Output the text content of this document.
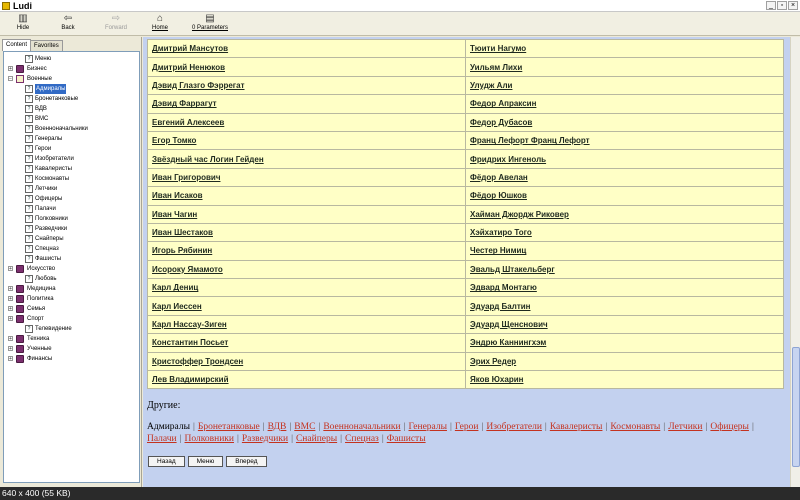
Ludi	_	▫	×
▥
Hide
⇦
Back
⇨
Forward
⌂
Home
▤
0 Parameters
Content Favorites
? Меню
+	Бизнес
−	Военные
? Адмиралы
? Бронетанковые
? ВДВ
? ВМС
? Военноначальники
? Генералы
? Герои
? Изобретатели
? Кавалеристы
? Космонавты
? Летчики
? Офицеры
? Палачи
? Полковники
? Разведчики
? Снайперы
? Спецназ
? Фашисты
+	Искусство
? Любовь
+	Медицина
+	Политика
+	Семья
+	Спорт
? Телевидение
+	Техника
+	Ученные
+	Финансы
Дмитрий Мансутов	Тюити Нагумо
Дмитрий Ненюков	Уильям Лихи
Дэвид Глазго Фэррегат	Улудж Али
Дэвид Фаррагут	Федор Апраксин
Евгений Алексеев	Федор Дубасов
Егор Томко	Франц Лефорт Франц Лефорт
Звёздный час Логин Гейден	Фридрих Ингеноль
Иван Григорович	Фёдор Авелан
Иван Исаков	Фёдор Юшков
Иван Чагин	Хайман Джордж Риковер
Иван Шестаков	Хэйхатиро Того
Игорь Рябинин	Честер Нимиц
Исороку Ямамото	Эвальд Штакельберг
Карл Дениц	Эдвард Монтагю
Карл Иессен	Эдуард Балтин
Карл Нассау-Зиген	Эдуард Щенснович
Константин Посьет	Эндрю Каннингхэм
Кристоффер Трондсен	Эрих Редер
Лев Владимирский	Яков Юхарин
Другие:
Адмиралы | Бронетанковые | ВДВ | ВМС | Военноначальники | Генералы | Герои | Изобретатели | Кавалеристы | Космонавты | Летчики | Офицеры |Палачи | Полковники | Разведчики | Снайперы | Спецназ | Фашисты
Назад	Меню	Вперед
640 x 400 (55 KB)
